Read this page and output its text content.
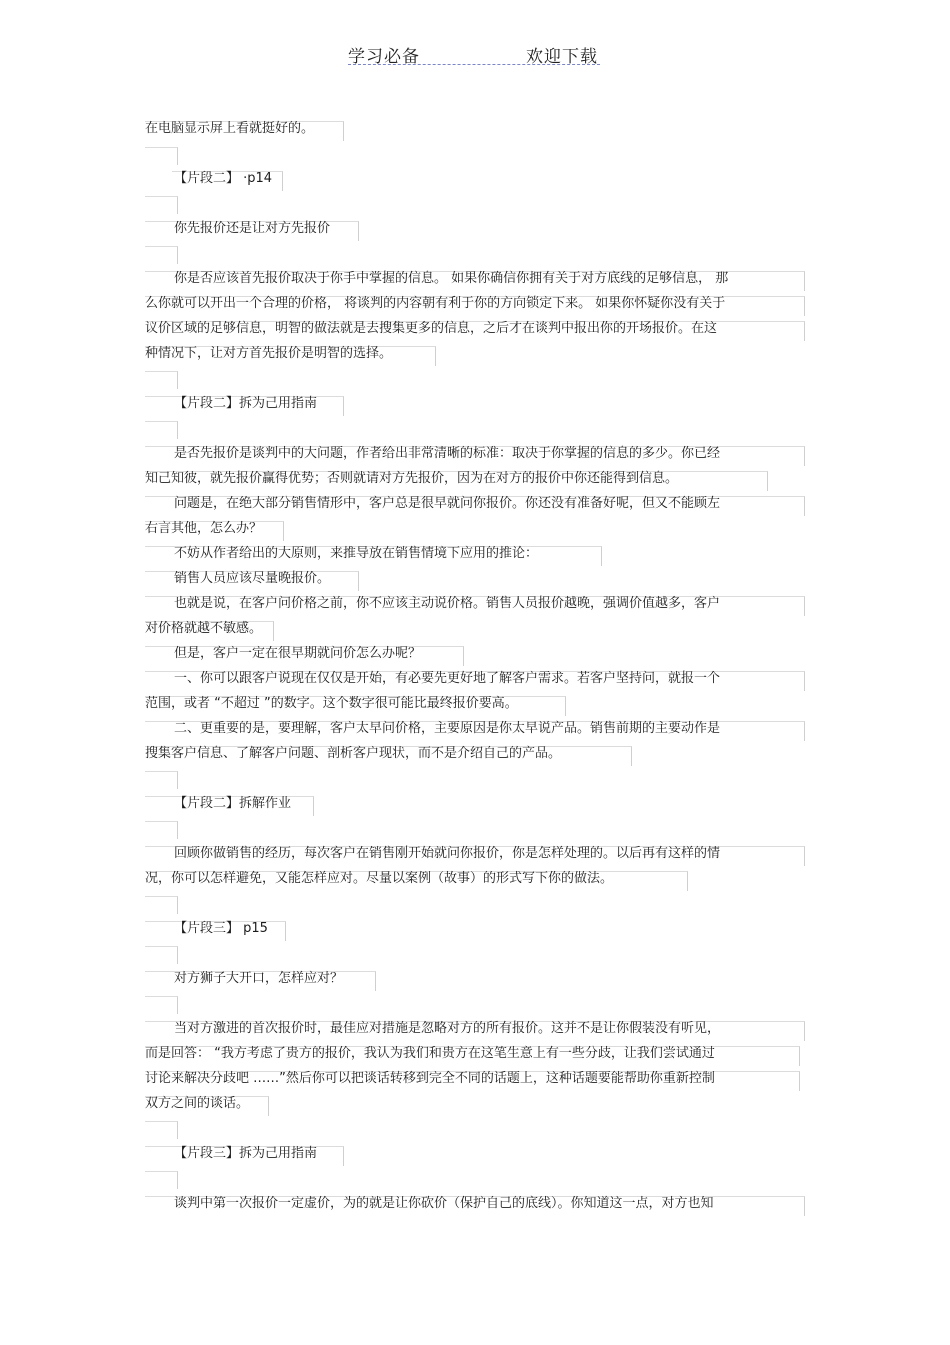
学习必备	欢迎下载
在电脑显示屏上看就挺好的。
【片段二】 ·p14
你先报价还是让对方先报价
你是否应该首先报价取决于你手中掌握的信息。 如果你确信你拥有关于对方底线的足够信息， 那
么你就可以开出一个合理的价格， 将谈判的内容朝有利于你的方向锁定下来。 如果你怀疑你没有关于
议价区域的足够信息，明智的做法就是去搜集更多的信息，之后才在谈判中报出你的开场报价。在这
种情况下，让对方首先报价是明智的选择。
【片段二】拆为己用指南
是否先报价是谈判中的大问题，作者给出非常清晰的标准：取决于你掌握的信息的多少。你已经
知己知彼，就先报价赢得优势；否则就请对方先报价，因为在对方的报价中你还能得到信息。
问题是，在绝大部分销售情形中，客户总是很早就问你报价。你还没有准备好呢，但又不能顾左
右言其他，怎么办？
不妨从作者给出的大原则，来推导放在销售情境下应用的推论：
销售人员应该尽量晚报价。
也就是说，在客户问价格之前，你不应该主动说价格。销售人员报价越晚，强调价值越多，客户
对价格就越不敏感。
但是，客户一定在很早期就问价怎么办呢？
一、你可以跟客户说现在仅仅是开始，有必要先更好地了解客户需求。若客户坚持问，就报一个
范围，或者 “不超过 ”的数字。这个数字很可能比最终报价要高。
二、更重要的是，要理解，客户太早问价格，主要原因是你太早说产品。销售前期的主要动作是
搜集客户信息、了解客户问题、剖析客户现状，而不是介绍自己的产品。
【片段二】拆解作业
回顾你做销售的经历，每次客户在销售刚开始就问你报价，你是怎样处理的。以后再有这样的情
况，你可以怎样避免，又能怎样应对。尽量以案例（故事）的形式写下你的做法。
【片段三】 p15
对方狮子大开口，怎样应对？
当对方激进的首次报价时，最佳应对措施是忽略对方的所有报价。这并不是让你假装没有听见，
而是回答： “我方考虑了贵方的报价，我认为我们和贵方在这笔生意上有一些分歧，让我们尝试通过
讨论来解决分歧吧 ……”然后你可以把谈话转移到完全不同的话题上，这种话题要能帮助你重新控制
双方之间的谈话。
【片段三】拆为己用指南
谈判中第一次报价一定虚价，为的就是让你砍价（保护自己的底线）。你知道这一点，对方也知
